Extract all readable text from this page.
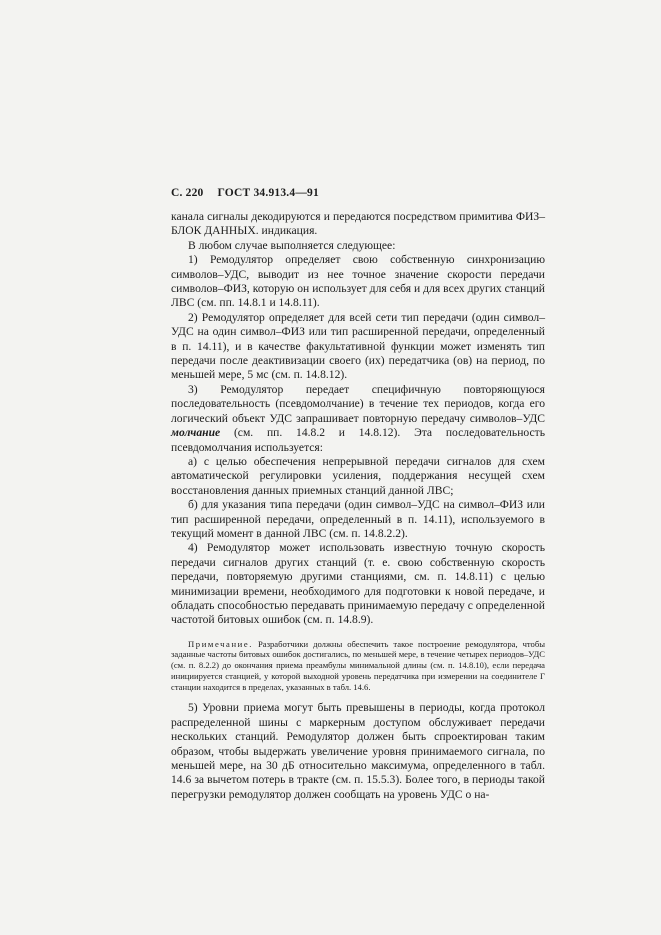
С. 220 ГОСТ 34.913.4—91

канала сигналы декодируются и передаются посредством примитива ФИЗ–БЛОК ДАННЫХ. индикация.

В любом случае выполняется следующее:

1) Ремодулятор определяет свою собственную синхронизацию символов–УДС, выводит из нее точное значение скорости передачи символов–ФИЗ, которую он использует для себя и для всех других станций ЛВС (см. пп. 14.8.1 и 14.8.11).

2) Ремодулятор определяет для всей сети тип передачи (один символ–УДС на один символ–ФИЗ или тип расширенной передачи, определенный в п. 14.11), и в качестве факультативной функции может изменять тип передачи после деактивизации своего (их) передатчика (ов) на период, по меньшей мере, 5 мс (см. п. 14.8.12).

3) Ремодулятор передает специфичную повторяющуюся последовательность (псевдомолчание) в течение тех периодов, когда его логический объект УДС запрашивает повторную передачу символов–УДС молчание (см. пп. 14.8.2 и 14.8.12). Эта последовательность псевдомолчания используется:

а) с целью обеспечения непрерывной передачи сигналов для схем автоматической регулировки усиления, поддержания несущей схем восстановления данных приемных станций данной ЛВС;

б) для указания типа передачи (один символ–УДС на символ–ФИЗ или тип расширенной передачи, определенный в п. 14.11), используемого в текущий момент в данной ЛВС (см. п. 14.8.2.2).

4) Ремодулятор может использовать известную точную скорость передачи сигналов других станций (т. е. свою собственную скорость передачи, повторяемую другими станциями, см. п. 14.8.11) с целью минимизации времени, необходимого для подготовки к новой передаче, и обладать способностью передавать принимаемую передачу с определенной частотой битовых ошибок (см. п. 14.8.9).

Примечание. Разработчики должны обеспечить такое построение ремодулятора, чтобы заданные частоты битовых ошибок достигались, по меньшей мере, в течение четырех периодов–УДС (см. п. 8.2.2) до окончания приема преамбулы минимальной длины (см. п. 14.8.10), если передача инициируется станцией, у которой выходной уровень передатчика при измерении на соединителе Г станции находится в пределах, указанных в табл. 14.6.

5) Уровни приема могут быть превышены в периоды, когда протокол распределенной шины с маркерным доступом обслуживает передачи нескольких станций. Ремодулятор должен быть спроектирован таким образом, чтобы выдержать увеличение уровня принимаемого сигнала, по меньшей мере, на 30 дБ относительно максимума, определенного в табл. 14.6 за вычетом потерь в тракте (см. п. 15.5.3). Более того, в периоды такой перегрузки ремодулятор должен сообщать на уровень УДС о на-
